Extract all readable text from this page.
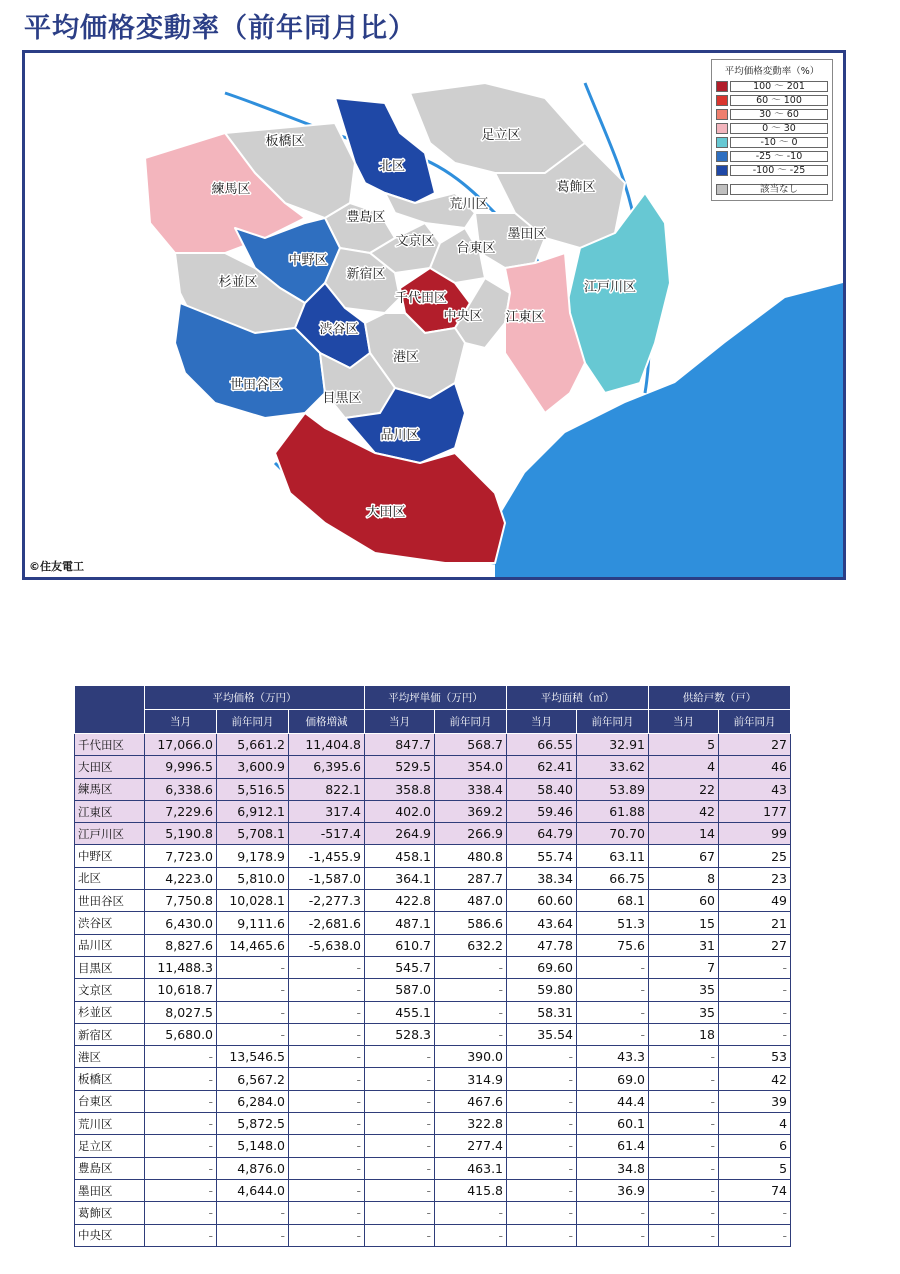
平均価格変動率（前年同月比）
板橋区
北区
足立区
練馬区	葛飾区
豊島区
荒川区
文京区	墨田区
台東区
中野区
江戸川区
杉並区
新宿区
千代田区
中央区 江東区
渋谷区
港区
世田谷区
目黒区
品川区
大田区
平均価格変動率（%）
100 ～ 201
60 ～ 100
30 ～ 60
0 ～ 30
-10 ～ 0
-25 ～ -10
-100 ～ -25
該当なし
©住友電工
	平均価格（万円）			平均坪単価（万円）		平均面積（㎡）		供給戸数（戸）	
	当月	前年同月	価格増減	当月	前年同月	当月	前年同月	当月	前年同月
千代田区	17,066.0	5,661.2	11,404.8	847.7	568.7	66.55	32.91	5	27
大田区	9,996.5	3,600.9	6,395.6	529.5	354.0	62.41	33.62	4	46
練馬区	6,338.6	5,516.5	822.1	358.8	338.4	58.40	53.89	22	43
江東区	7,229.6	6,912.1	317.4	402.0	369.2	59.46	61.88	42	177
江戸川区	5,190.8	5,708.1	-517.4	264.9	266.9	64.79	70.70	14	99
中野区	7,723.0	9,178.9	-1,455.9	458.1	480.8	55.74	63.11	67	25
北区	4,223.0	5,810.0	-1,587.0	364.1	287.7	38.34	66.75	8	23
世田谷区	7,750.8	10,028.1	-2,277.3	422.8	487.0	60.60	68.1	60	49
渋谷区	6,430.0	9,111.6	-2,681.6	487.1	586.6	43.64	51.3	15	21
品川区	8,827.6	14,465.6	-5,638.0	610.7	632.2	47.78	75.6	31	27
目黒区	11,488.3	-	-	545.7	-	69.60	-	7	-
文京区	10,618.7	-	-	587.0	-	59.80	-	35	-
杉並区	8,027.5	-	-	455.1	-	58.31	-	35	-
新宿区	5,680.0	-	-	528.3	-	35.54	-	18	-
港区	-	13,546.5	-	-	390.0	-	43.3	-	53
板橋区	-	6,567.2	-	-	314.9	-	69.0	-	42
台東区	-	6,284.0	-	-	467.6	-	44.4	-	39
荒川区	-	5,872.5	-	-	322.8	-	60.1	-	4
足立区	-	5,148.0	-	-	277.4	-	61.4	-	6
豊島区	-	4,876.0	-	-	463.1	-	34.8	-	5
墨田区	-	4,644.0	-	-	415.8	-	36.9	-	74
葛飾区	-	-	-	-	-	-	-	-	-
中央区	-	-	-	-	-	-	-	-	-
